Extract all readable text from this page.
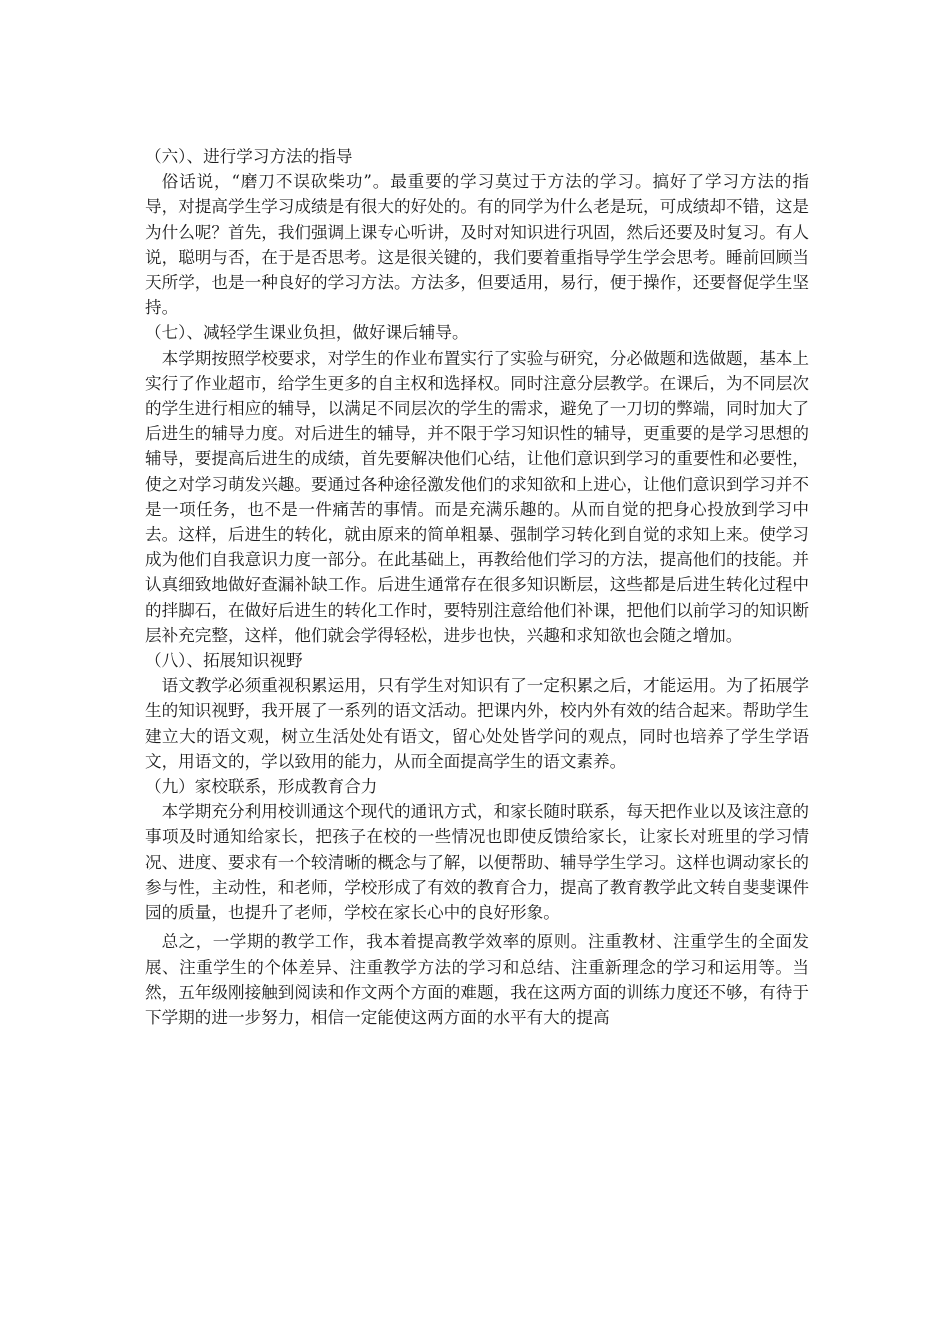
（六）、进行学习方法的指导

俗话说，“磨刀不误砍柴功”。最重要的学习莫过于方法的学习。搞好了学习方法的指导，对提高学生学习成绩是有很大的好处的。有的同学为什么老是玩，可成绩却不错，这是为什么呢？首先，我们强调上课专心听讲，及时对知识进行巩固，然后还要及时复习。有人说，聪明与否，在于是否思考。这是很关键的，我们要着重指导学生学会思考。睡前回顾当天所学，也是一种良好的学习方法。方法多，但要适用，易行，便于操作，还要督促学生坚持。

（七）、减轻学生课业负担，做好课后辅导。

本学期按照学校要求，对学生的作业布置实行了实验与研究，分必做题和选做题，基本上实行了作业超市，给学生更多的自主权和选择权。同时注意分层教学。在课后，为不同层次的学生进行相应的辅导，以满足不同层次的学生的需求，避免了一刀切的弊端，同时加大了后进生的辅导力度。对后进生的辅导，并不限于学习知识性的辅导，更重要的是学习思想的辅导，要提高后进生的成绩，首先要解决他们心结，让他们意识到学习的重要性和必要性，使之对学习萌发兴趣。要通过各种途径激发他们的求知欲和上进心，让他们意识到学习并不是一项任务，也不是一件痛苦的事情。而是充满乐趣的。从而自觉的把身心投放到学习中去。这样，后进生的转化，就由原来的简单粗暴、强制学习转化到自觉的求知上来。使学习成为他们自我意识力度一部分。在此基础上，再教给他们学习的方法，提高他们的技能。并认真细致地做好查漏补缺工作。后进生通常存在很多知识断层，这些都是后进生转化过程中的拌脚石，在做好后进生的转化工作时，要特别注意给他们补课，把他们以前学习的知识断层补充完整，这样，他们就会学得轻松，进步也快，兴趣和求知欲也会随之增加。

（八）、拓展知识视野

语文教学必须重视积累运用，只有学生对知识有了一定积累之后，才能运用。为了拓展学生的知识视野，我开展了一系列的语文活动。把课内外，校内外有效的结合起来。帮助学生建立大的语文观，树立生活处处有语文，留心处处皆学问的观点，同时也培养了学生学语文，用语文的，学以致用的能力，从而全面提高学生的语文素养。

（九）家校联系，形成教育合力

本学期充分利用校训通这个现代的通讯方式，和家长随时联系，每天把作业以及该注意的事项及时通知给家长，把孩子在校的一些情况也即使反馈给家长，让家长对班里的学习情况、进度、要求有一个较清晰的概念与了解，以便帮助、辅导学生学习。这样也调动家长的参与性，主动性，和老师，学校形成了有效的教育合力，提高了教育教学此文转自斐斐课件园的质量，也提升了老师，学校在家长心中的良好形象。

总之，一学期的教学工作，我本着提高教学效率的原则。注重教材、注重学生的全面发展、注重学生的个体差异、注重教学方法的学习和总结、注重新理念的学习和运用等。当然，五年级刚接触到阅读和作文两个方面的难题，我在这两方面的训练力度还不够，有待于下学期的进一步努力，相信一定能使这两方面的水平有大的提高
